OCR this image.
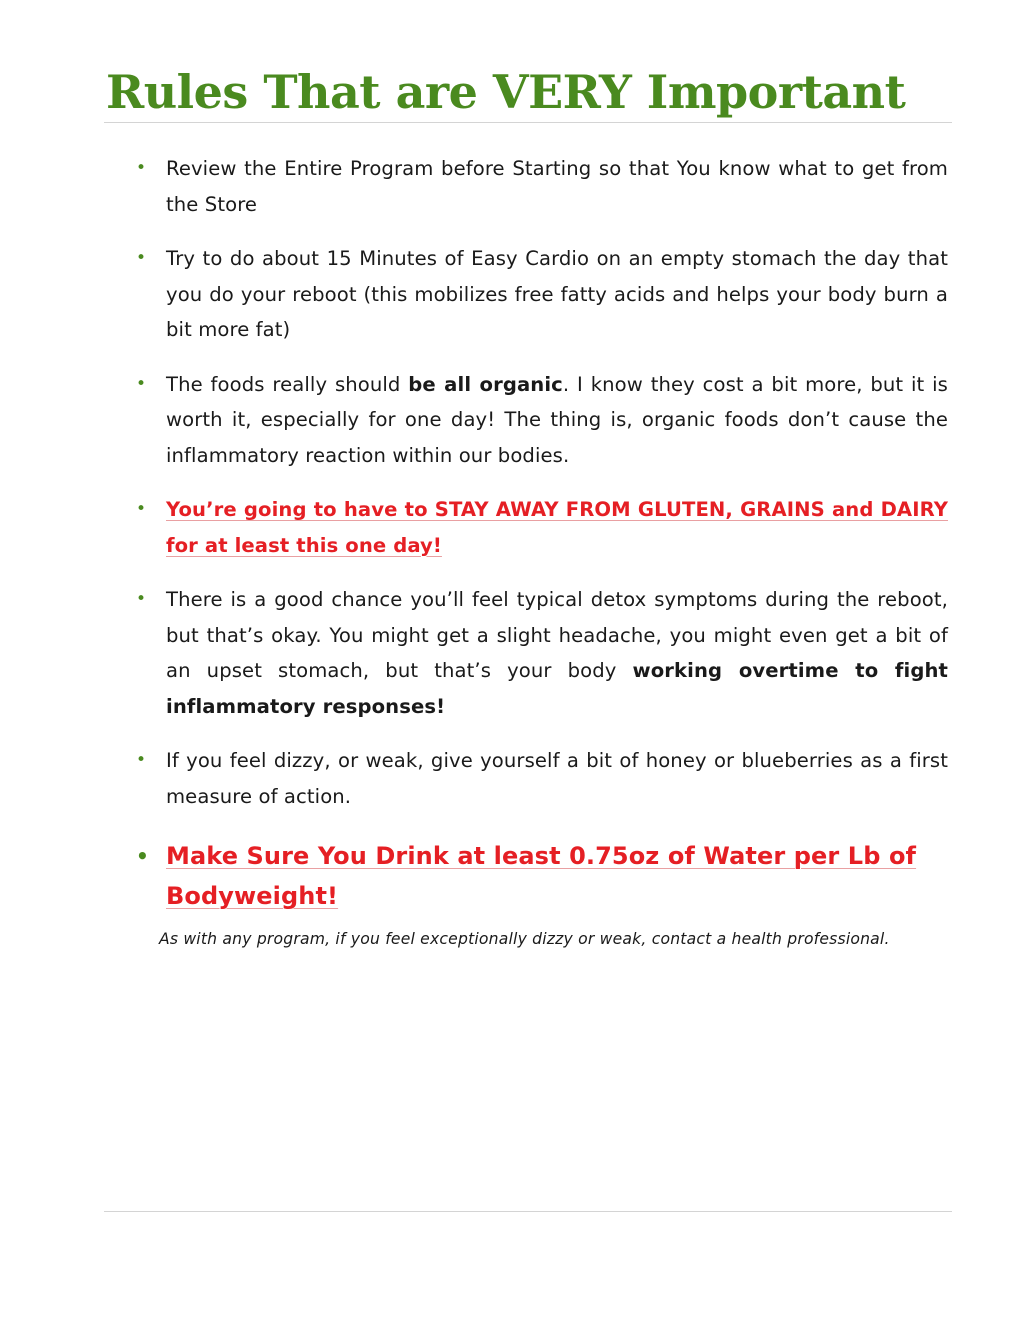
Rules That are VERY Important
• Review the Entire Program before Starting so that You know what to get from the Store
• Try to do about 15 Minutes of Easy Cardio on an empty stomach the day that you do your reboot (this mobilizes free fatty acids and helps your body burn a bit more fat)
• The foods really should be all organic. I know they cost a bit more, but it is worth it, especially for one day! The thing is, organic foods don’t cause the inflammatory reaction within our bodies.
• You’re going to have to STAY AWAY FROM GLUTEN, GRAINS and DAIRY for at least this one day!
• There is a good chance you’ll feel typical detox symptoms during the reboot, but that’s okay. You might get a slight headache, you might even get a bit of an upset stomach, but that’s your body working overtime to fight inflammatory responses!
• If you feel dizzy, or weak, give yourself a bit of honey or blueberries as a first measure of action.
• Make Sure You Drink at least 0.75oz of Water per Lb of Bodyweight!

As with any program, if you feel exceptionally dizzy or weak, contact a health professional.
